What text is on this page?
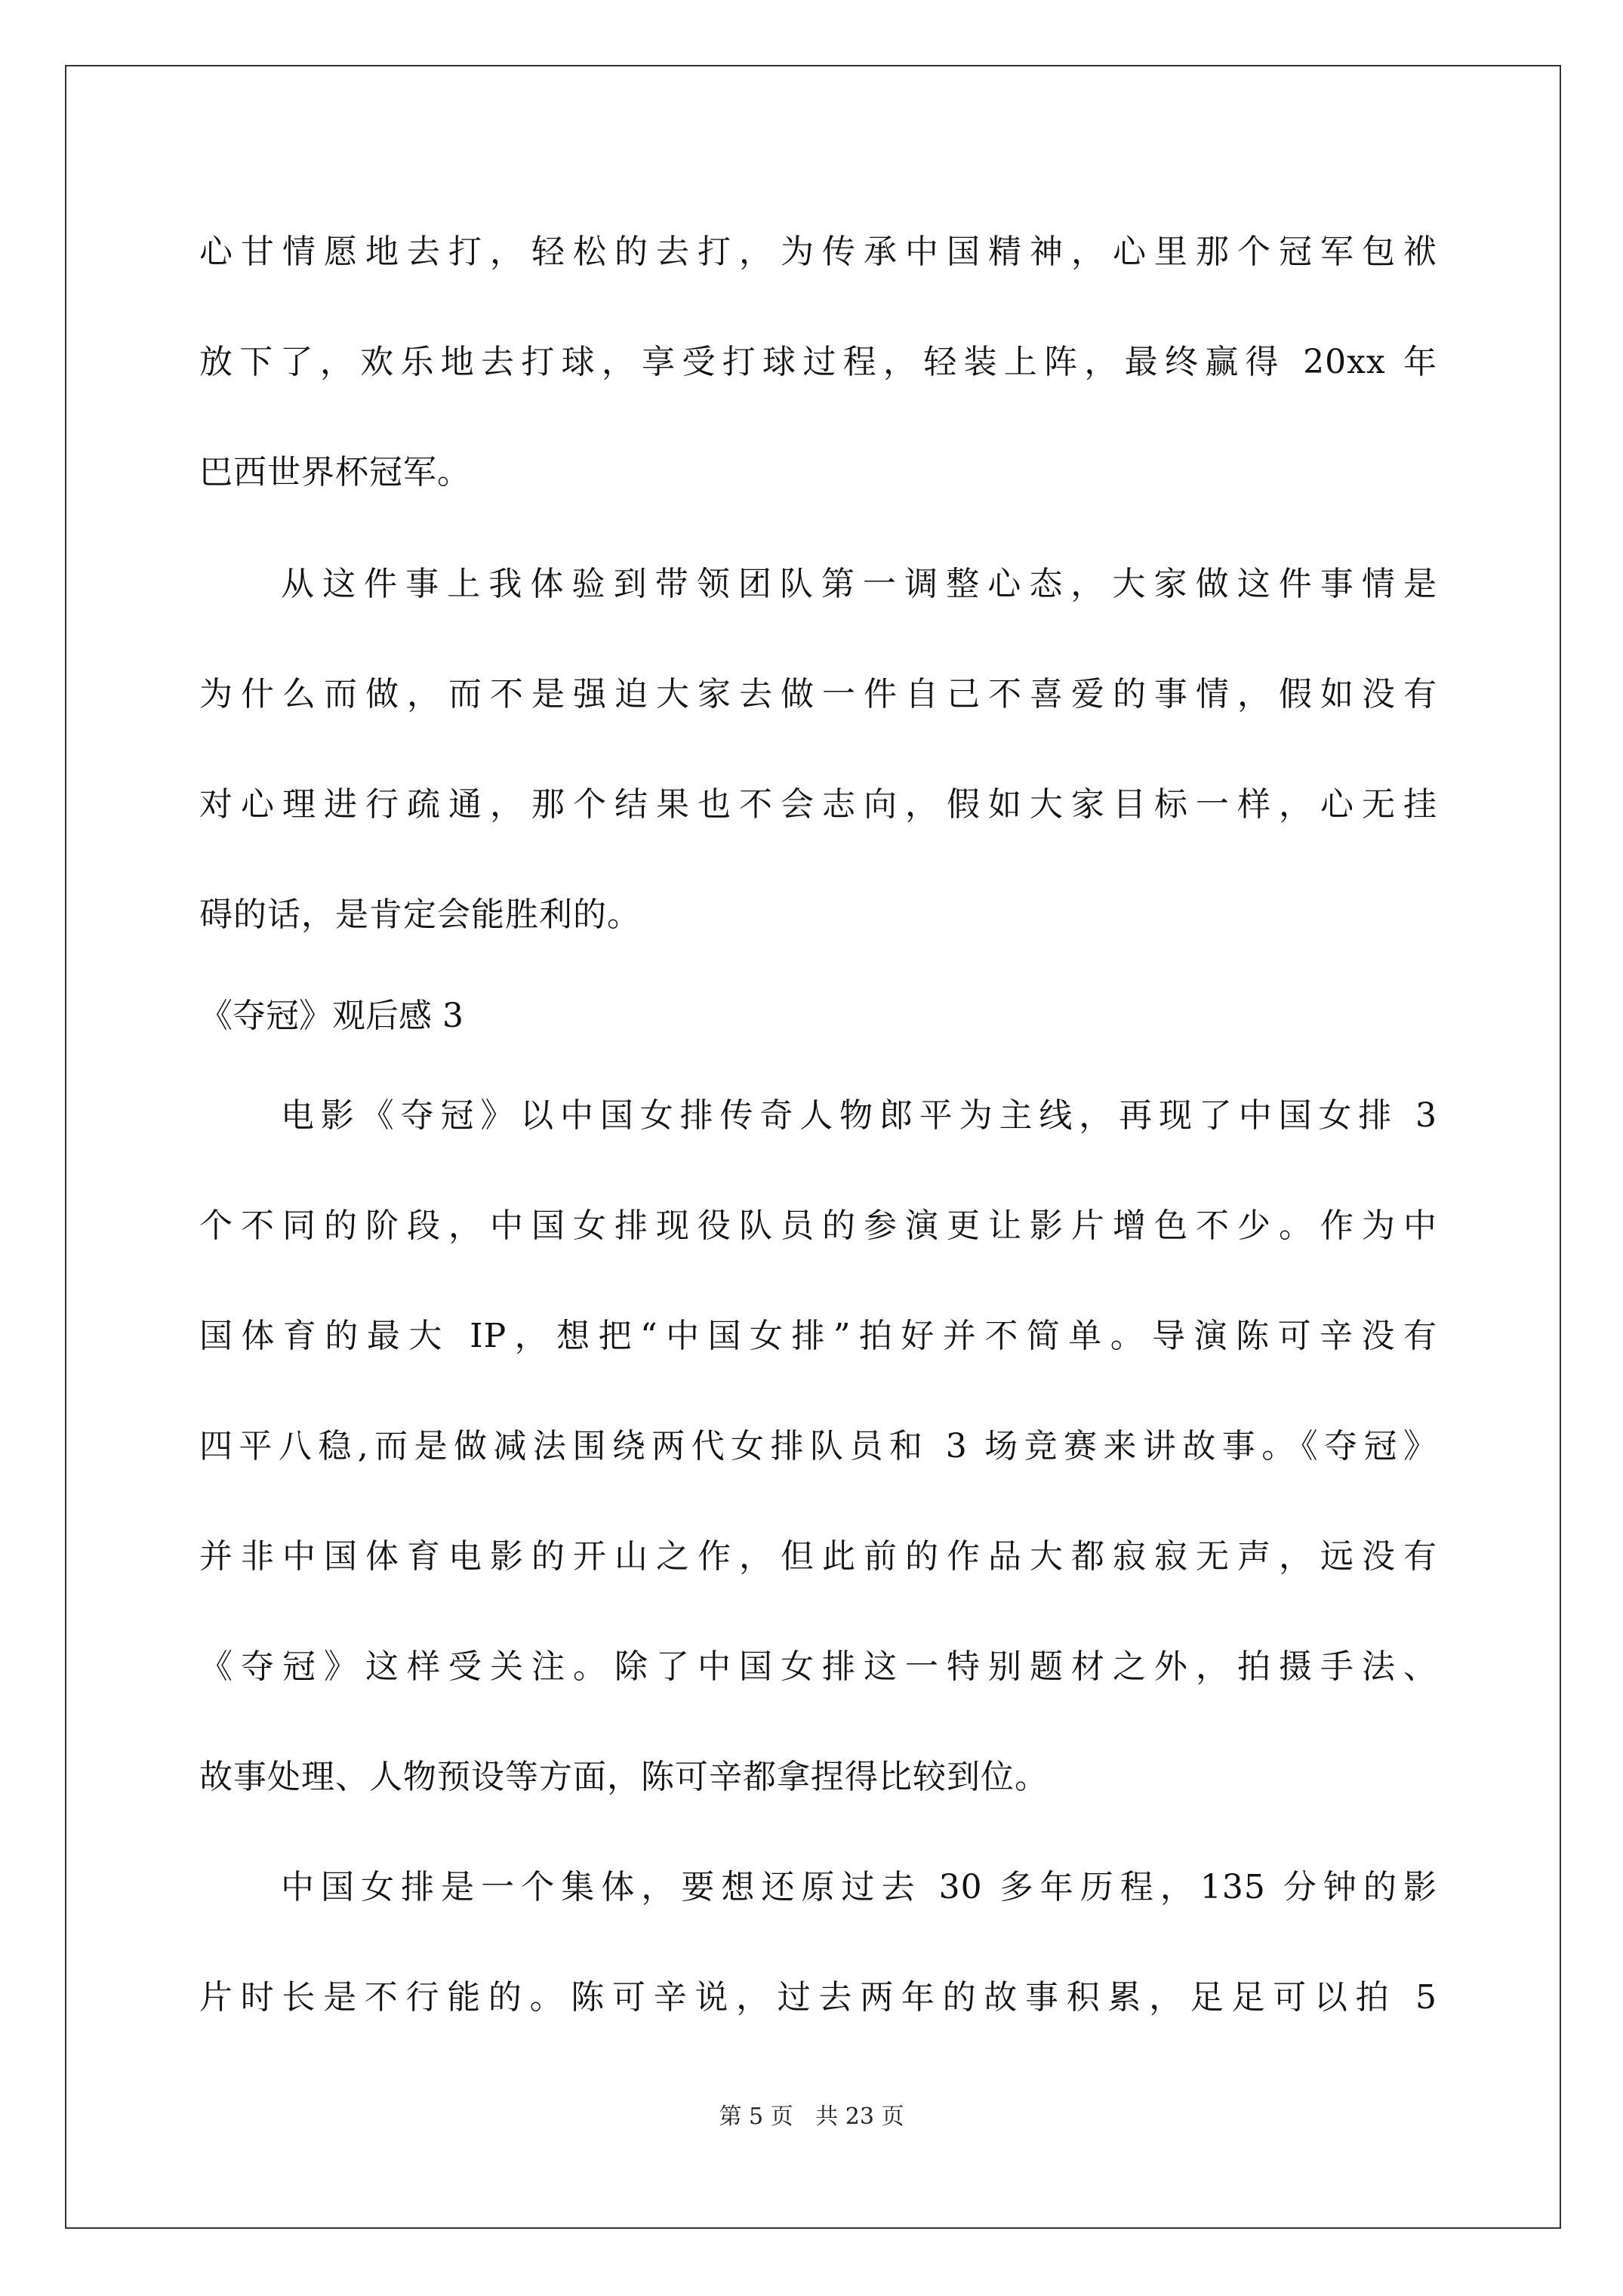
心甘情愿地去打，轻松的去打，为传承中国精神，心里那个冠军包袱
放下了，欢乐地去打球，享受打球过程，轻装上阵，最终赢得 20xx 年
巴西世界杯冠军。
从这件事上我体验到带领团队第一调整心态，大家做这件事情是
为什么而做，而不是强迫大家去做一件自己不喜爱的事情，假如没有
对心理进行疏通，那个结果也不会志向，假如大家目标一样，心无挂
碍的话，是肯定会能胜利的。
《夺冠》观后感 3
电影《夺冠》以中国女排传奇人物郎平为主线，再现了中国女排 3
个不同的阶段，中国女排现役队员的参演更让影片增色不少。作为中
国体育的最大 IP，想把“中国女排”拍好并不简单。导演陈可辛没有
四平八稳,而是做减法围绕两代女排队员和 3 场竞赛来讲故事。《夺冠》
并非中国体育电影的开山之作，但此前的作品大都寂寂无声，远没有
《夺冠》这样受关注。除了中国女排这一特别题材之外，拍摄手法、
故事处理、人物预设等方面，陈可辛都拿捏得比较到位。
中国女排是一个集体，要想还原过去 30 多年历程，135 分钟的影
片时长是不行能的。陈可辛说，过去两年的故事积累，足足可以拍 5
第 5 页 共 23 页
